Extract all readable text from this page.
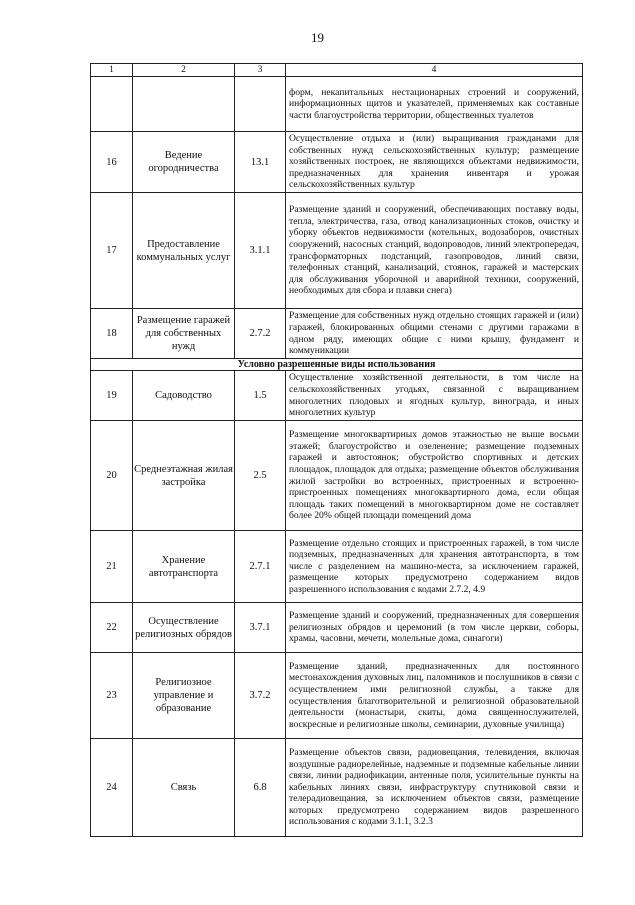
19
1	2	3	4
			форм, некапитальных нестационарных строений и сооружений, информационных щитов и указателей, применяемых как составные части благоустройства территории, общественных туалетов
16	Ведение огородничества	13.1	Осуществление отдыха и (или) выращивания гражданами для собственных нужд сельскохозяйственных культур; размещение хозяйственных построек, не являющихся объектами недвижимости, предназначенных для хранения инвентаря и урожая сельскохозяйственных культур
17	Предоставление коммунальных услуг	3.1.1	Размещение зданий и сооружений, обеспечивающих поставку воды, тепла, электричества, газа, отвод канализационных стоков, очистку и уборку объектов недвижимости (котельных, водозаборов, очистных сооружений, насосных станций, водопроводов, линий электропередач, трансформаторных подстанций, газопроводов, линий связи, телефонных станций, канализаций, стоянок, гаражей и мастерских для обслуживания уборочной и аварийной техники, сооружений, необходимых для сбора и плавки снега)
18	Размещение гаражей для собственных нужд	2.7.2	Размещение для собственных нужд отдельно стоящих гаражей и (или) гаражей, блокированных общими стенами с другими гаражами в одном ряду, имеющих общие с ними крышу, фундамент и коммуникации
Условно разрешенные виды использования			
19	Садоводство	1.5	Осуществление хозяйственной деятельности, в том числе на сельскохозяйственных угодьях, связанной с выращиванием многолетних плодовых и ягодных культур, винограда, и иных многолетних культур
20	Среднеэтажная жилая застройка	2.5	Размещение многоквартирных домов этажностью не выше восьми этажей; благоустройство и озеленение; размещение подземных гаражей и автостоянок; обустройство спортивных и детских площадок, площадок для отдыха; размещение объектов обслуживания жилой застройки во встроенных, пристроенных и встроенно-пристроенных помещениях многоквартирного дома, если общая площадь таких помещений в многоквартирном доме не составляет более 20% общей площади помещений дома
21	Хранение автотранспорта	2.7.1	Размещение отдельно стоящих и пристроенных гаражей, в том числе подземных, предназначенных для хранения автотранспорта, в том числе с разделением на машино-места, за исключением гаражей, размещение которых предусмотрено содержанием видов разрешенного использования с кодами 2.7.2, 4.9
22	Осуществление религиозных обрядов	3.7.1	Размещение зданий и сооружений, предназначенных для совершения религиозных обрядов и церемоний (в том числе церкви, соборы, храмы, часовни, мечети, молельные дома, синагоги)
23	Религиозное управление и образование	3.7.2	Размещение зданий, предназначенных для постоянного местонахождения духовных лиц, паломников и послушников в связи с осуществлением ими религиозной службы, а также для осуществления благотворительной и религиозной образовательной деятельности (монастыри, скиты, дома священнослужителей, воскресные и религиозные школы, семинарии, духовные училища)
24	Связь	6.8	Размещение объектов связи, радиовещания, телевидения, включая воздушные радиорелейные, надземные и подземные кабельные линии связи, линии радиофикации, антенные поля, усилительные пункты на кабельных линиях связи, инфраструктуру спутниковой связи и телерадиовещания, за исключением объектов связи, размещение которых предусмотрено содержанием видов разрешенного использования с кодами 3.1.1, 3.2.3
